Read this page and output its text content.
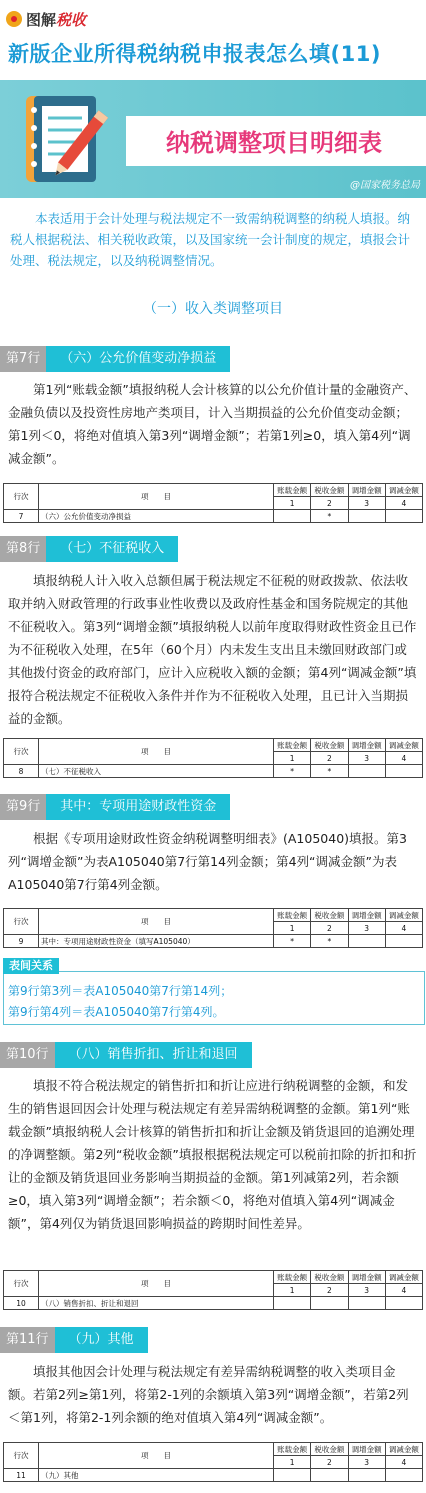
图解税收
新版企业所得税纳税申报表怎么填(11)
纳税调整项目明细表
@国家税务总局

本表适用于会计处理与税法规定不一致需纳税调整的纳税人填报。纳税人根据税法、相关税收政策，以及国家统一会计制度的规定，填报会计处理、税法规定，以及纳税调整情况。

（一）收入类调整项目
第7行	（六）公允价值变动净损益

第1列“账载金额”填报纳税人会计核算的以公允价值计量的金融资产、金融负债以及投资性房地产类项目，计入当期损益的公允价值变动金额；第1列＜0，将绝对值填入第3列“调增金额”；若第1列≥0，填入第4列“调减金额”。

行次	项　　目	账载金额	税收金额	调增金额	调减金额
		1	2	3	4
7	（六）公允价值变动净损益		*		
第8行	（七）不征税收入

填报纳税人计入收入总额但属于税法规定不征税的财政拨款、依法收取并纳入财政管理的行政事业性收费以及政府性基金和国务院规定的其他不征税收入。第3列“调增金额”填报纳税人以前年度取得财政性资金且已作为不征税收入处理，在5年（60个月）内未发生支出且未缴回财政部门或其他拨付资金的政府部门，应计入应税收入额的金额；第4列“调减金额”填报符合税法规定不征税收入条件并作为不征税收入处理，且已计入当期损益的金额。

行次	项　　目	账载金额	税收金额	调增金额	调减金额
		1	2	3	4
8	（七）不征税收入	*	*		
第9行	其中：专项用途财政性资金

根据《专项用途财政性资金纳税调整明细表》(A105040)填报。第3列“调增金额”为表A105040第7行第14列金额；第4列“调减金额”为表A105040第7行第4列金额。

行次	项　　目	账载金额	税收金额	调增金额	调减金额
		1	2	3	4
9	其中：专项用途财政性资金（填写A105040）	*	*		
表间关系
第9行第3列＝表A105040第7行第14列；
第9行第4列＝表A105040第7行第4列。
第10行	（八）销售折扣、折让和退回

填报不符合税法规定的销售折扣和折让应进行纳税调整的金额，和发生的销售退回因会计处理与税法规定有差异需纳税调整的金额。第1列“账载金额”填报纳税人会计核算的销售折扣和折让金额及销货退回的追溯处理的净调整额。第2列“税收金额”填报根据税法规定可以税前扣除的折扣和折让的金额及销货退回业务影响当期损益的金额。第1列减第2列，若余额≥0，填入第3列“调增金额”；若余额＜0，将绝对值填入第4列“调减金额”，第4列仅为销货退回影响损益的跨期时间性差异。

行次	项　　目	账载金额	税收金额	调增金额	调减金额
		1	2	3	4
10	（八）销售折扣、折让和退回				
第11行	（九）其他

填报其他因会计处理与税法规定有差异需纳税调整的收入类项目金额。若第2列≥第1列，将第2-1列的余额填入第3列“调增金额”，若第2列＜第1列，将第2-1列余额的绝对值填入第4列“调减金额”。

行次	项　　目	账载金额	税收金额	调增金额	调减金额
		1	2	3	4
11	（九）其他				
